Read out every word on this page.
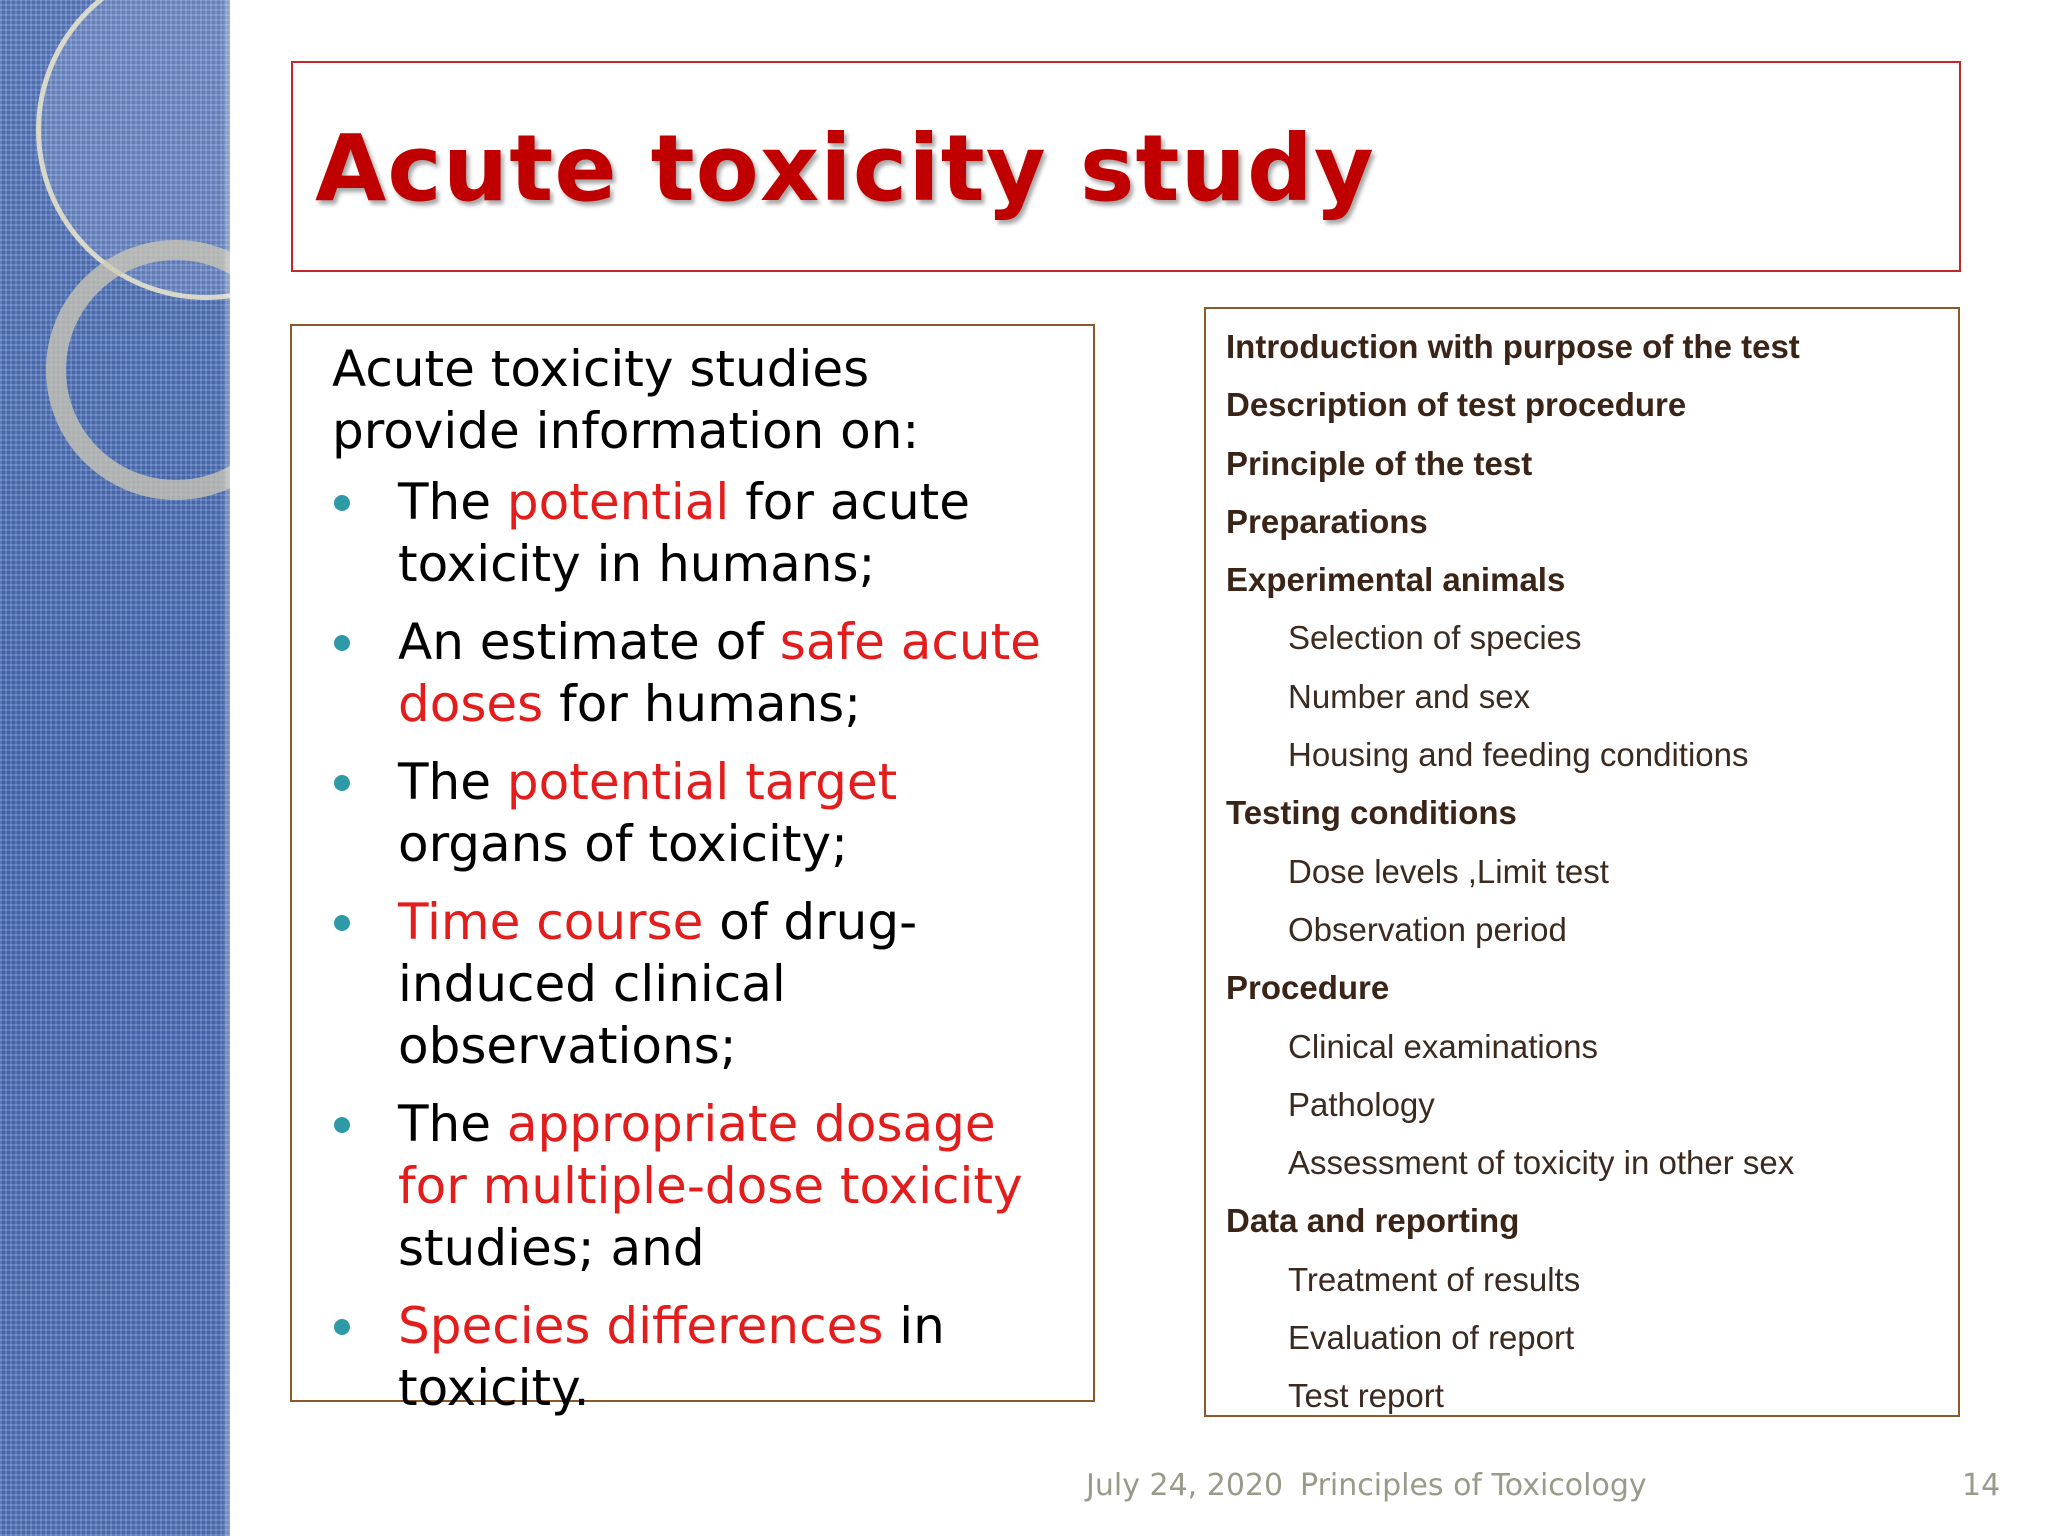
Acute toxicity study

Acute toxicity studies provide information on:

The potential for acute toxicity in humans;
An estimate of safe acute doses for humans;
The potential target organs of toxicity;
Time course of drug-induced clinical observations;
The appropriate dosage for multiple-dose toxicity studies; and
Species differences in toxicity.
Introduction with purpose of the test
Description of test procedure
Principle of the test
Preparations
Experimental animals
Selection of species
Number and sex
Housing and feeding conditions
Testing conditions
Dose levels ,Limit test
Observation period
Procedure
Clinical examinations
Pathology
Assessment of toxicity in other sex
Data and reporting
Treatment of results
Evaluation of report
Test report
July 24, 2020 Principles of Toxicology	14
